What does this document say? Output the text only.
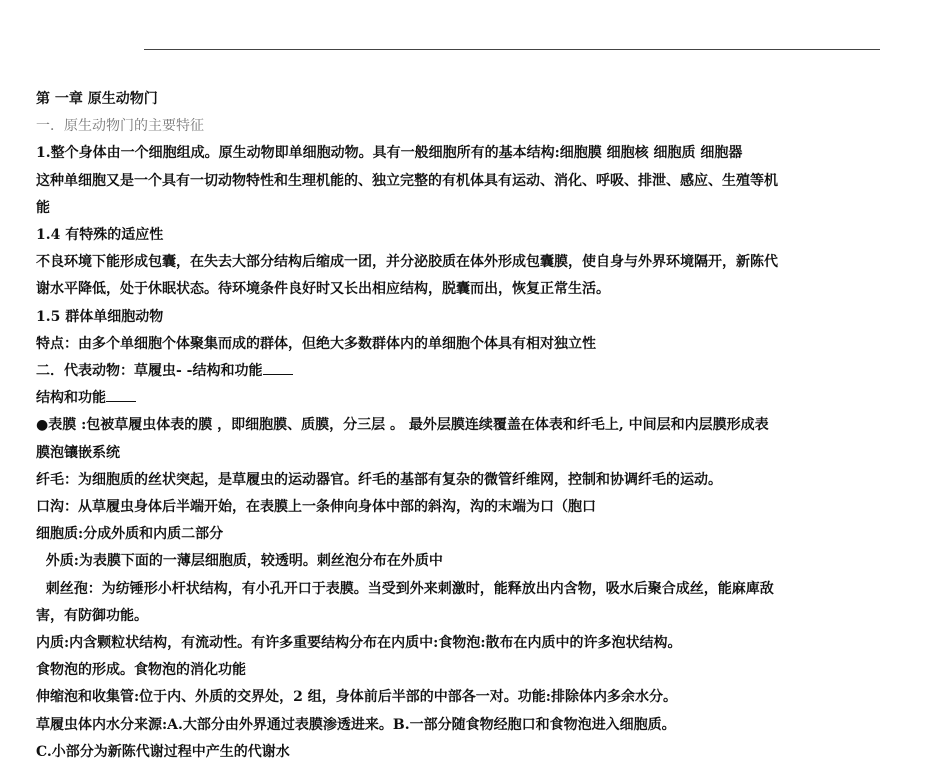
第 一章 原生动物门
一．原生动物门的主要特征
1.整个身体由一个细胞组成。原生动物即单细胞动物。具有一般细胞所有的基本结构:细胞膜 细胞核 细胞质 细胞器
这种单细胞又是一个具有一切动物特性和生理机能的、独立完整的有机体具有运动、消化、呼吸、排泄、感应、生殖等机
能
1.4 有特殊的适应性
不良环境下能形成包囊，在失去大部分结构后缩成一团，并分泌胶质在体外形成包囊膜，使自身与外界环境隔开，新陈代
谢水平降低，处于休眠状态。待环境条件良好时又长出相应结构，脱囊而出，恢复正常生活。
1.5 群体单细胞动物
特点：由多个单细胞个体聚集而成的群体，但绝大多数群体内的单细胞个体具有相对独立性
二．代表动物：草履虫- -结构和功能
结构和功能
●表膜 :包被草履虫体表的膜 ，即细胞膜、质膜，分三层 。 最外层膜连续覆盖在体表和纤毛上, 中间层和内层膜形成表
膜泡镶嵌系统
纤毛：为细胞质的丝状突起，是草履虫的运动器官。纤毛的基部有复杂的微管纤维网，控制和协调纤毛的运动。
口沟：从草履虫身体后半端开始，在表膜上一条伸向身体中部的斜沟，沟的末端为口（胞口
细胞质:分成外质和内质二部分
外质:为表膜下面的一薄层细胞质，较透明。刺丝泡分布在外质中
刺丝孢：为纺锤形小杆状结构，有小孔开口于表膜。当受到外来刺激时，能释放出内含物，吸水后聚合成丝，能麻庳敌
害，有防御功能。
内质:内含颗粒状结构，有流动性。有许多重要结构分布在内质中:食物泡:散布在内质中的许多泡状结构。
食物泡的形成。食物泡的消化功能
伸缩泡和收集管:位于内、外质的交界处，2 组，身体前后半部的中部各一对。功能:排除体内多余水分。
草履虫体内水分来源:A.大部分由外界通过表膜渗透进来。B.一部分随食物经胞口和食物泡进入细胞质。
C.小部分为新陈代谢过程中产生的代谢水
